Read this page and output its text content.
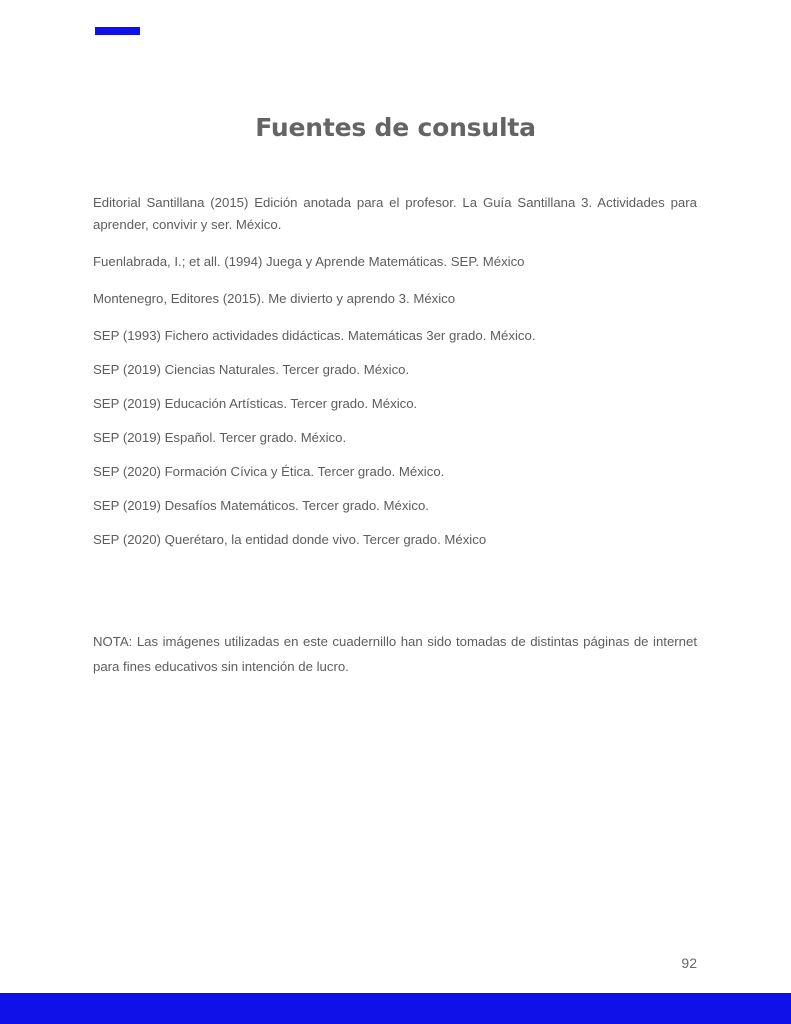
Fuentes de consulta

Editorial Santillana (2015) Edición anotada para el profesor. La Guía Santillana 3. Actividades para aprender, convivir y ser. México.

Fuenlabrada, I.; et all. (1994) Juega y Aprende Matemáticas. SEP. México

Montenegro, Editores (2015). Me divierto y aprendo 3. México

SEP (1993) Fichero actividades didácticas. Matemáticas 3er grado. México.

SEP (2019) Ciencias Naturales. Tercer grado. México.

SEP (2019) Educación Artísticas. Tercer grado. México.

SEP (2019) Español. Tercer grado. México.

SEP (2020) Formación Cívica y Ética. Tercer grado. México.

SEP (2019) Desafíos Matemáticos. Tercer grado. México.

SEP (2020) Querétaro, la entidad donde vivo. Tercer grado. México

NOTA: Las imágenes utilizadas en este cuadernillo han sido tomadas de distintas páginas de internet para fines educativos sin intención de lucro.

92
